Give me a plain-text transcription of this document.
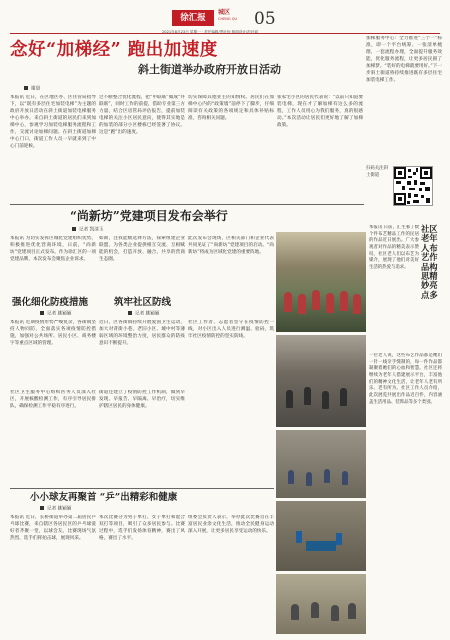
徐汇报
城区
CHENG QU 05
2021年8月23日 星期一 · 责任编辑/罗叶怡 版面设计/范叶斌
念好“加梯经” 跑出加速度
斜土街道举办政府开放日活动
谢晨
本报讯 近日，在区地区办、区住管局指导下，以“既有多层住宅加装电梯”为主题的政府开放日活动在斜土街道加装电梯服务中心举办。来自斜土街道的居民们来到加梯中心，参观学习加装电梯服务流程和工作，交流讨论加梯问题。在斜土街道加梯中心门口，街道工作人员一早就来到了中心门前迎候。
过不断整合优化流程，把“申联联”做成“并联联”，同时工作的前提，借助专业第三方力量，结合区房管局评估报告，提前加装电梯的关注小区居民意向，使得其实地是的加装的部分小区楼栋已经签署了协议。这是“跑”出的速度。
切实保障其他业主的知情权。居民们在加梯中心内的“政策墙”前停下了脚步，仔细阅读有关政策的各项规定和具体补贴标准，咨询相关问题。
张家宅小区的居民代表说：“以前只知道要装电梯，现在才了解加梯有这么多的流程，工作人员用心为我们服务，真的很感动。”本次活动让居民们更好地了解了加梯政策。
加梯服务中心：全力推进“三个一”标准，即一个平台统筹、一张清单梳理、一套流程办理，全面提升服务效能，优化服务流程，让更多居民圆了加梯梦。“装好的电梯就要用好。”下一步斜土街道将持续推进既有多层住宅加装电梯工作。
扫码关注斜土街道
“尚新坊”党建项目发布会举行
记者 凯清玉
本报讯 为切实发挥区城化党建组织优势，积极推进优化营商环境，日前，“尚新坊”党建项目正式发布。作为徐汇区的一项党建品牌，本次发布会聚焦企业诉求。
如期，注我能级选择方法，探索组建企业联盟，为各类企业提供相互交流、互相赋能的机会，打造开放、融合、共享的营商生态圈。
此次发布会现场，区相关部门和企业代表共同见证了“尚新坊”党建项目的启动。“尚新坊”将成为区域化党建的重要阵地。
强化细化防疫措施
记者 姚颖颖
筑牢社区防线
记者 姚颖颖
本报讯 近期疫情形势严峻复杂，各街镇坚持人物同防，全面落实各项疫情防控措施，加强对公共场所、居民小区、商务楼宇等重点区域的管理。
近日，区各街镇持续开展爱国卫生运动，加大对背街小巷、老旧小区、城中村等薄弱区域的环境整治力度，居民群众的防疫意识不断提升。
社区工作者、志愿者坚守在疫情防控一线，对小区出入人员进行测温、验码，筑牢社区疫情防控的坚实防线。
社区卫生服务中心组织医务人员深入社区，开展核酸检测工作，有序引导居民排队，确保检测工作平稳有序进行。
街道还建立了疫情防控工作机制，做到早发现、早报告、早隔离、早治疗，切实维护辖区居民的身体健康。
小小球友再聚首 “乒”出精彩和健康
记者 姚颖颖
本报讯 近日，长桥街道举办第二届居民乒乓球比赛，来自辖区各居民区的乒乓球爱好者齐聚一堂，以球会友。比赛现场气氛热烈，选手们挥拍击球，展现风采。
本次比赛分为男子单打、女子单打和混合双打等项目，吸引了众多居民参与。比赛过程中，选手们发扬体育精神，赛出了风格，赛出了水平。
组委会负责人表示，举办此次比赛旨在丰富居民业余文化生活，推动全民健身运动深入开展，让更多居民享受运动的快乐。
社区老年人布艺作品构思精妙亮点多
本报讯 日前，汇生邨了数个件布艺精品工作的民居的作品近日展出。广大参观者对作品的精美表示赞叹，社区老人们以布艺为媒介，展现了他们对美好生活的热爱与追求。
一位老人说，这些布艺作品都是她们一针一线亲手缝制的，每一件作品都凝聚着她们的心血和智慧。社区还将继续为老年人搭建展示平台，丰富他们的精神文化生活，让老年人老有所乐、老有所为。社区工作人员介绍，此次展览共展出作品近百件，内容涵盖生活用品、装饰品等多个类别。
